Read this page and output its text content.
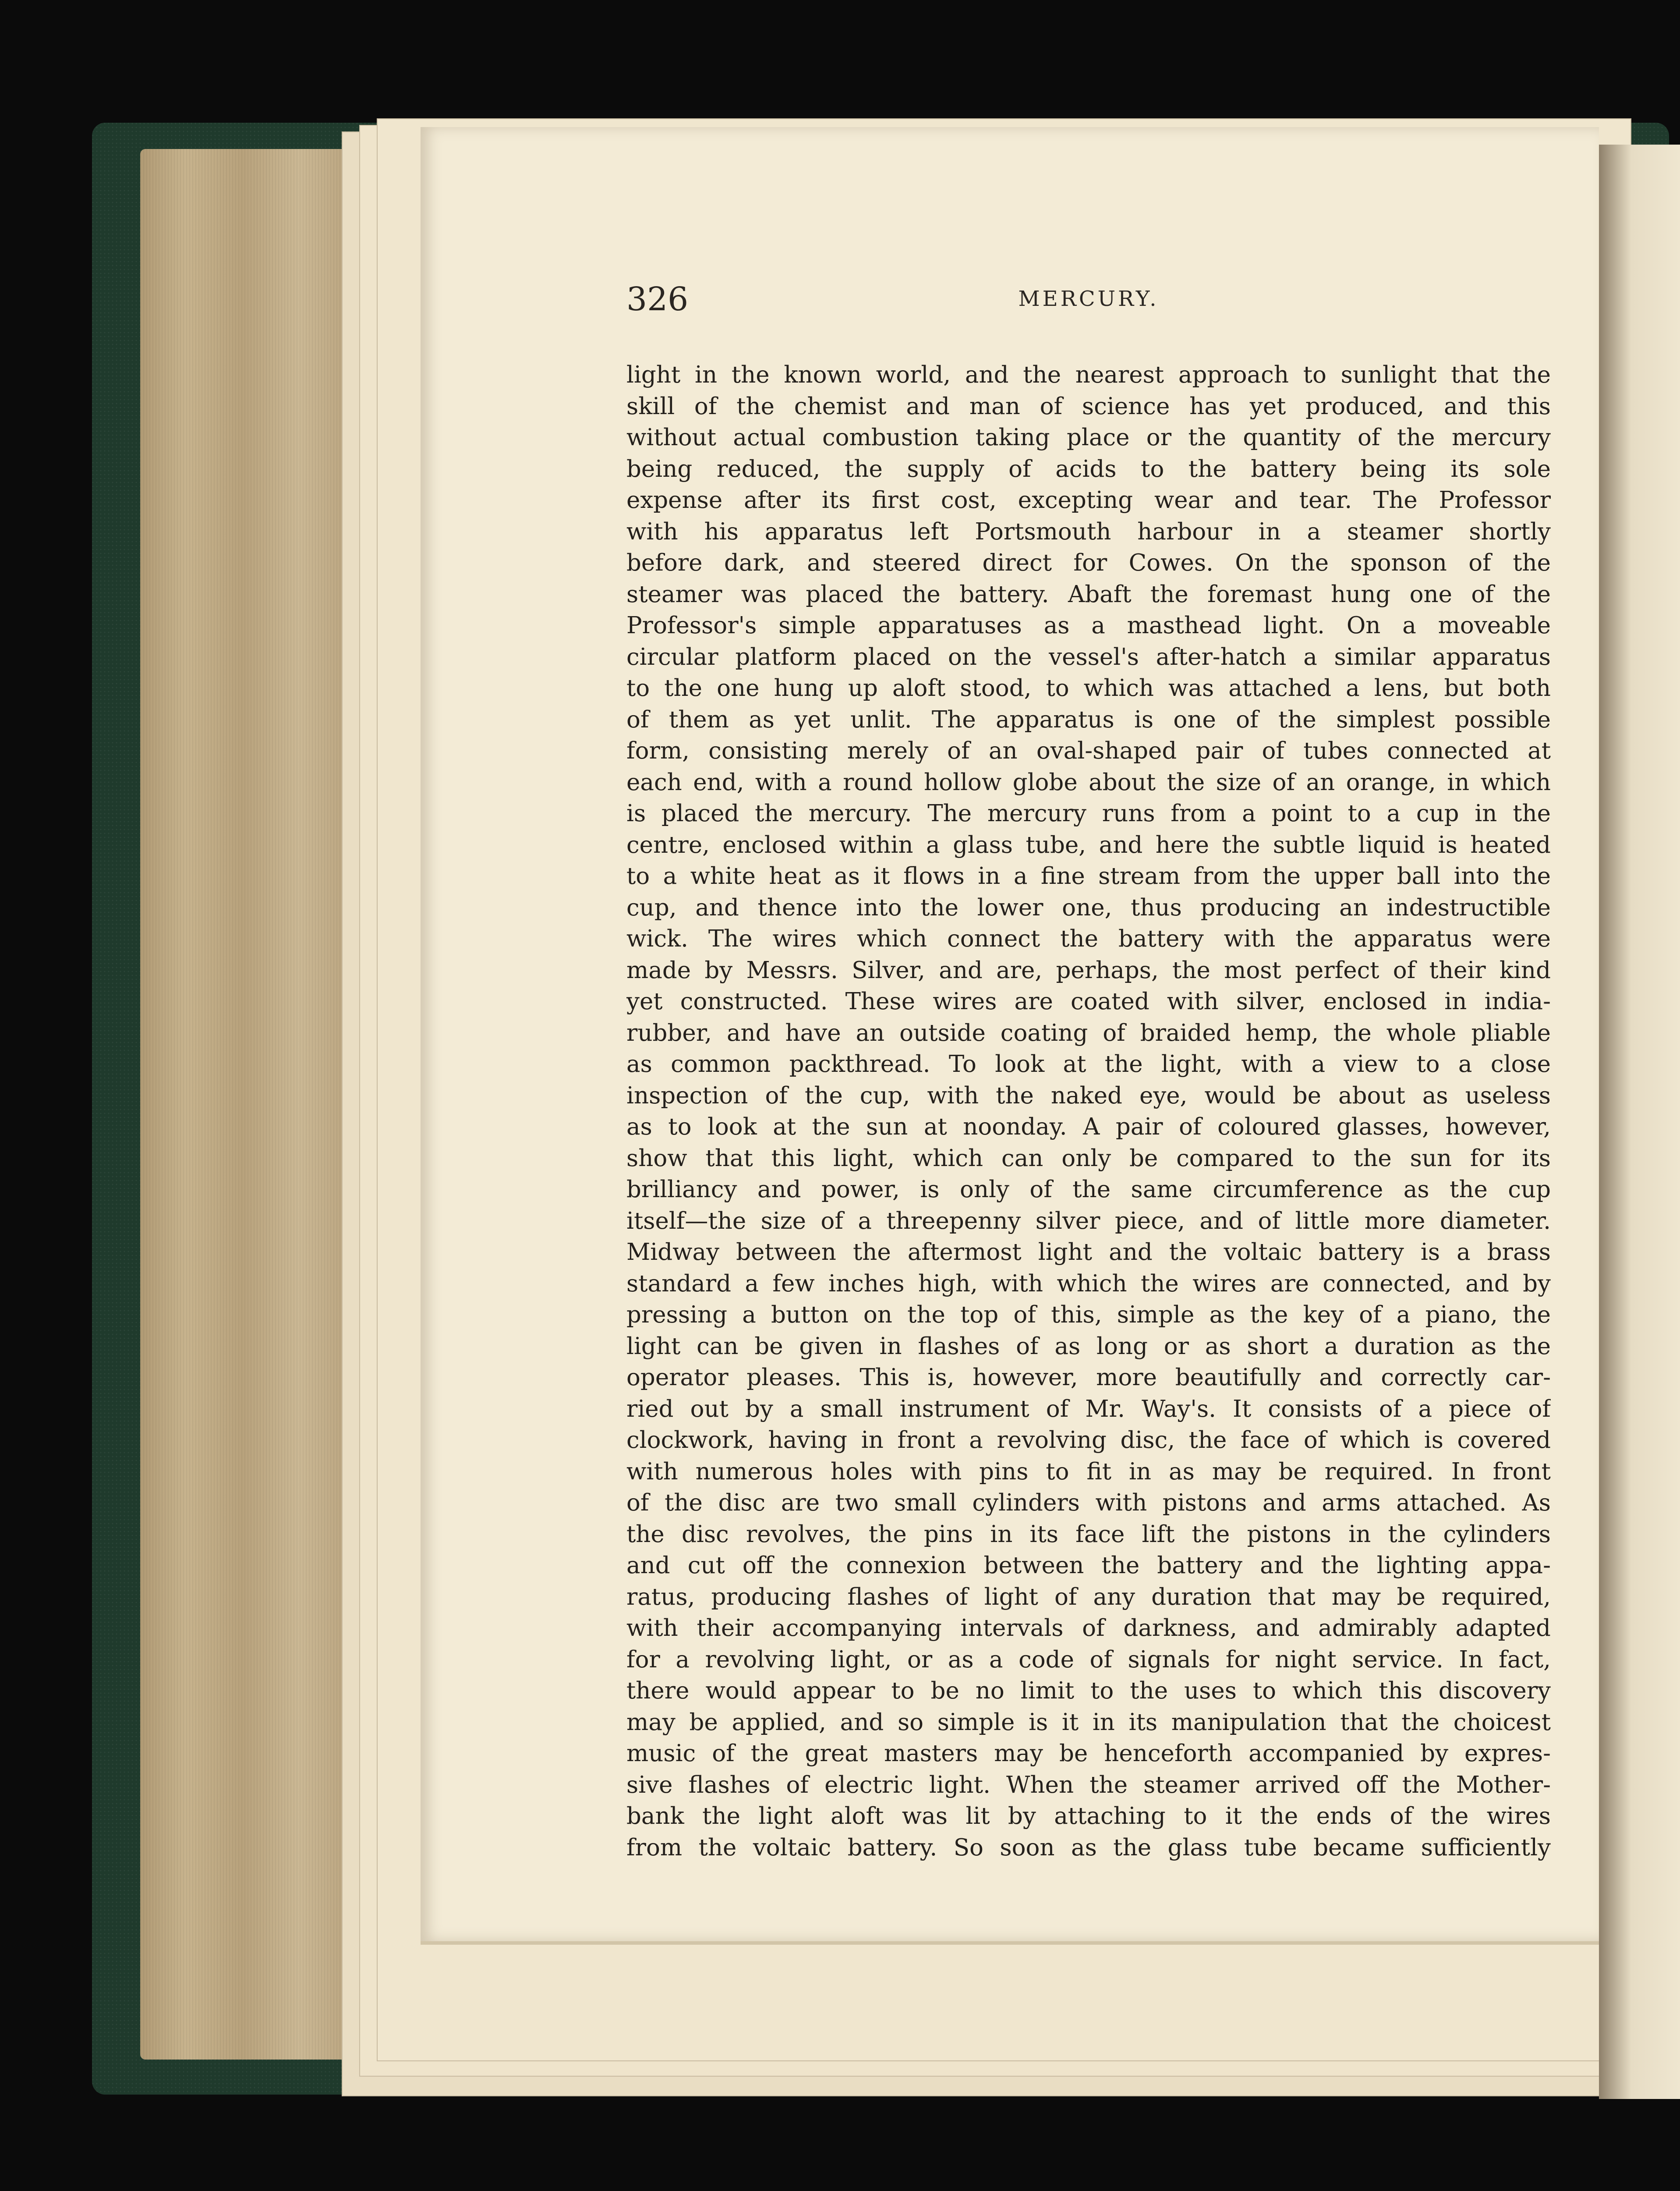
326	MERCURY.
light in the known world, and the nearest approach to sunlight that the
skill of the chemist and man of science has yet produced, and this
without actual combustion taking place or the quantity of the mercury
being reduced, the supply of acids to the battery being its sole
expense after its first cost, excepting wear and tear. The Professor
with his apparatus left Portsmouth harbour in a steamer shortly
before dark, and steered direct for Cowes. On the sponson of the
steamer was placed the battery. Abaft the foremast hung one of the
Professor's simple apparatuses as a masthead light. On a moveable
circular platform placed on the vessel's after-hatch a similar apparatus
to the one hung up aloft stood, to which was attached a lens, but both
of them as yet unlit. The apparatus is one of the simplest possible
form, consisting merely of an oval-shaped pair of tubes connected at
each end, with a round hollow globe about the size of an orange, in which
is placed the mercury. The mercury runs from a point to a cup in the
centre, enclosed within a glass tube, and here the subtle liquid is heated
to a white heat as it flows in a fine stream from the upper ball into the
cup, and thence into the lower one, thus producing an indestructible
wick. The wires which connect the battery with the apparatus were
made by Messrs. Silver, and are, perhaps, the most perfect of their kind
yet constructed. These wires are coated with silver, enclosed in india-
rubber, and have an outside coating of braided hemp, the whole pliable
as common packthread. To look at the light, with a view to a close
inspection of the cup, with the naked eye, would be about as useless
as to look at the sun at noonday. A pair of coloured glasses, however,
show that this light, which can only be compared to the sun for its
brilliancy and power, is only of the same circumference as the cup
itself—the size of a threepenny silver piece, and of little more diameter.
Midway between the aftermost light and the voltaic battery is a brass
standard a few inches high, with which the wires are connected, and by
pressing a button on the top of this, simple as the key of a piano, the
light can be given in flashes of as long or as short a duration as the
operator pleases. This is, however, more beautifully and correctly car-
ried out by a small instrument of Mr. Way's. It consists of a piece of
clockwork, having in front a revolving disc, the face of which is covered
with numerous holes with pins to fit in as may be required. In front
of the disc are two small cylinders with pistons and arms attached. As
the disc revolves, the pins in its face lift the pistons in the cylinders
and cut off the connexion between the battery and the lighting appa-
ratus, producing flashes of light of any duration that may be required,
with their accompanying intervals of darkness, and admirably adapted
for a revolving light, or as a code of signals for night service. In fact,
there would appear to be no limit to the uses to which this discovery
may be applied, and so simple is it in its manipulation that the choicest
music of the great masters may be henceforth accompanied by expres-
sive flashes of electric light. When the steamer arrived off the Mother-
bank the light aloft was lit by attaching to it the ends of the wires
from the voltaic battery. So soon as the glass tube became sufficiently
